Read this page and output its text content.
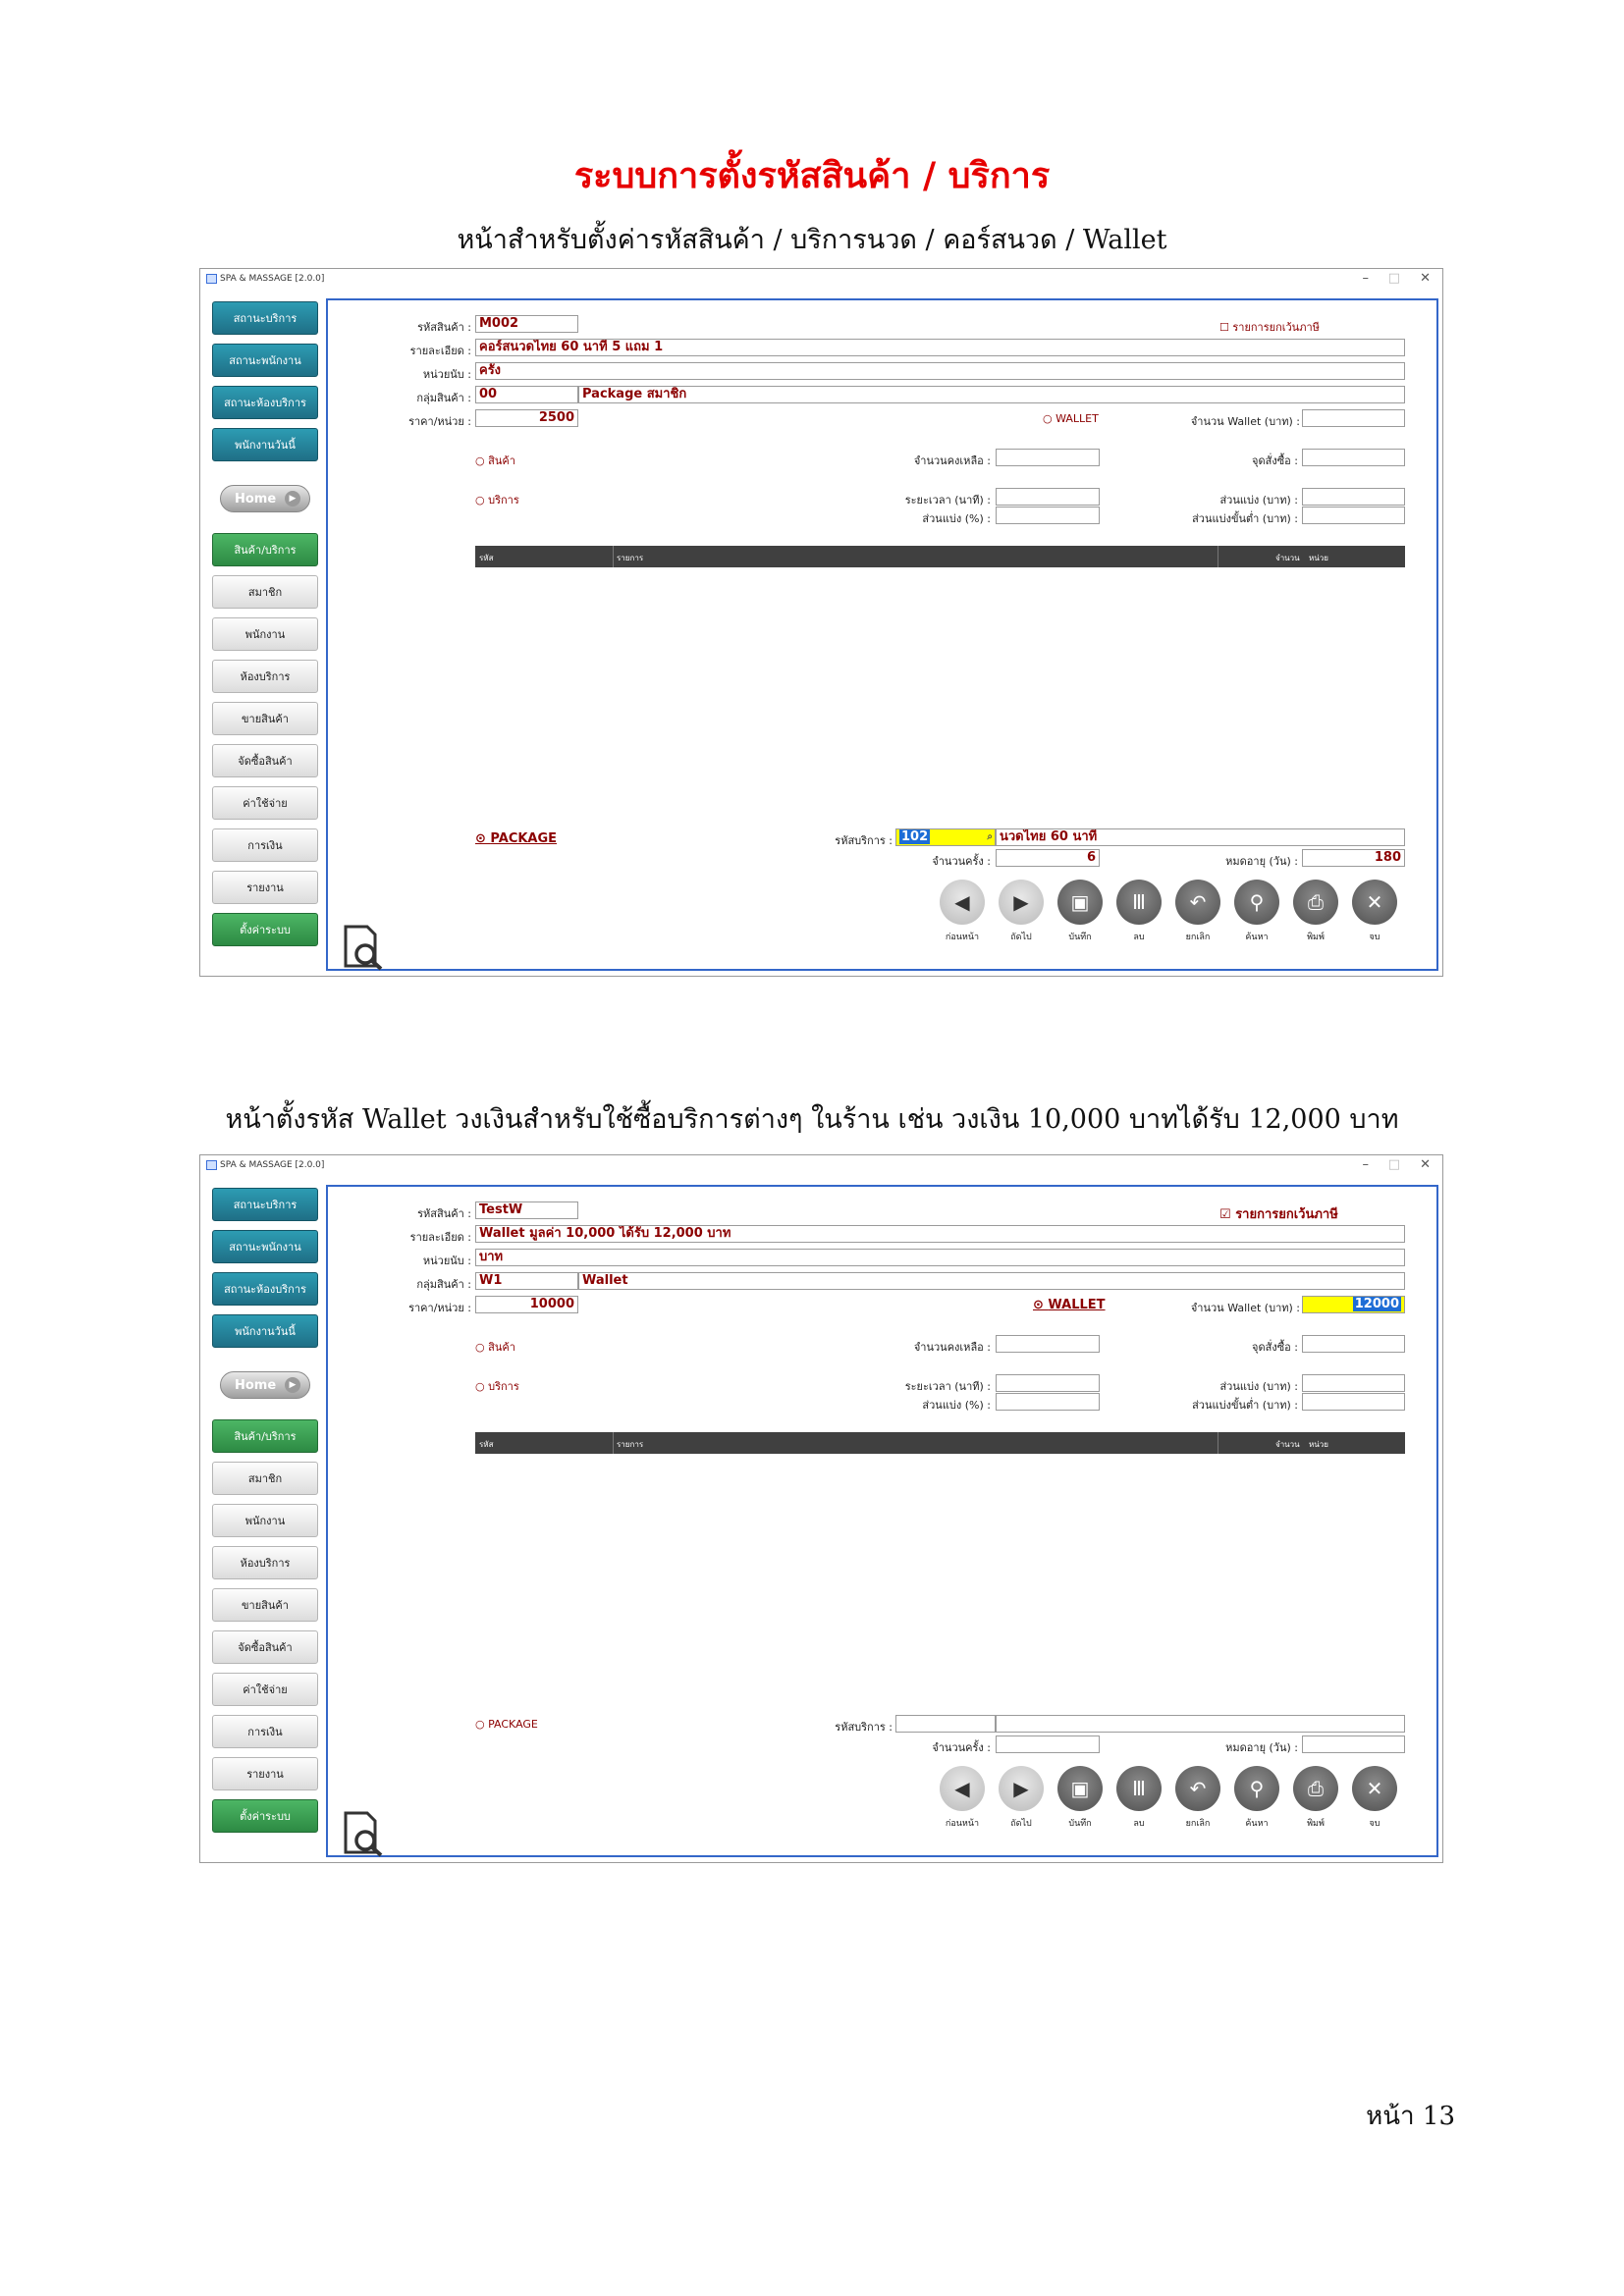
ระบบการตั้งรหัสสินค้า / บริการ
หน้าสำหรับตั้งค่ารหัสสินค้า / บริการนวด / คอร์สนวด / Wallet
หน้าตั้งรหัส Wallet วงเงินสำหรับใช้ซื้อบริการต่างๆ ในร้าน เช่น วงเงิน 10,000 บาทได้รับ 12,000 บาท
หน้า 13
SPA & MASSAGE [2.0.0]	– □ ✕
สถานะบริการ
สถานะพนักงาน
สถานะห้องบริการ
พนักงานวันนี้
Home	▶
สินค้า/บริการ
สมาชิก
พนักงาน
ห้องบริการ
ขายสินค้า
จัดซื้อสินค้า
ค่าใช้จ่าย
การเงิน
รายงาน
ตั้งค่าระบบ
รหัสสินค้า : M002	☐ รายการยกเว้นภาษี
รายละเอียด : คอร์สนวดไทย 60 นาที 5 แถม 1
หน่วยนับ : ครั้ง
กลุ่มสินค้า : 00	Package สมาชิก
ราคา/หน่วย :	2500	○ WALLET	จำนวน Wallet (บาท) :
○ สินค้า	จำนวนคงเหลือ :	จุดสั่งซื้อ :
○ บริการ	ระยะเวลา (นาที) :	ส่วนแบ่ง (บาท) :
ส่วนแบ่ง (%) :	ส่วนแบ่งขั้นต่ำ (บาท) :
รหัส	รายการ	จำนวน หน่วย
⊙ PACKAGE	รหัสบริการ : 102	⌕ นวดไทย 60 นาที
จำนวนครั้ง :	6	หมดอายุ (วัน) :	180
◀	▶	▣	Ⅲ	↶	⚲	⎙	✕
ก่อนหน้า	ถัดไป	บันทึก	ลบ	ยกเลิก	ค้นหา	พิมพ์	จบ
SPA & MASSAGE [2.0.0]	– □ ✕
สถานะบริการ
สถานะพนักงาน
สถานะห้องบริการ
พนักงานวันนี้
Home	▶
สินค้า/บริการ
สมาชิก
พนักงาน
ห้องบริการ
ขายสินค้า
จัดซื้อสินค้า
ค่าใช้จ่าย
การเงิน
รายงาน
ตั้งค่าระบบ
รหัสสินค้า : TestW	☑ รายการยกเว้นภาษี
รายละเอียด : Wallet มูลค่า 10,000 ได้รับ 12,000 บาท
หน่วยนับ : บาท
กลุ่มสินค้า : W1	Wallet
ราคา/หน่วย :	10000	⊙ WALLET	จำนวน Wallet (บาท) :	12000
○ สินค้า	จำนวนคงเหลือ :	จุดสั่งซื้อ :
○ บริการ	ระยะเวลา (นาที) :	ส่วนแบ่ง (บาท) :
ส่วนแบ่ง (%) :	ส่วนแบ่งขั้นต่ำ (บาท) :
รหัส	รายการ	จำนวน หน่วย
○ PACKAGE	รหัสบริการ :
จำนวนครั้ง :	หมดอายุ (วัน) :
◀	▶	▣	Ⅲ	↶	⚲	⎙	✕
ก่อนหน้า	ถัดไป	บันทึก	ลบ	ยกเลิก	ค้นหา	พิมพ์	จบ
